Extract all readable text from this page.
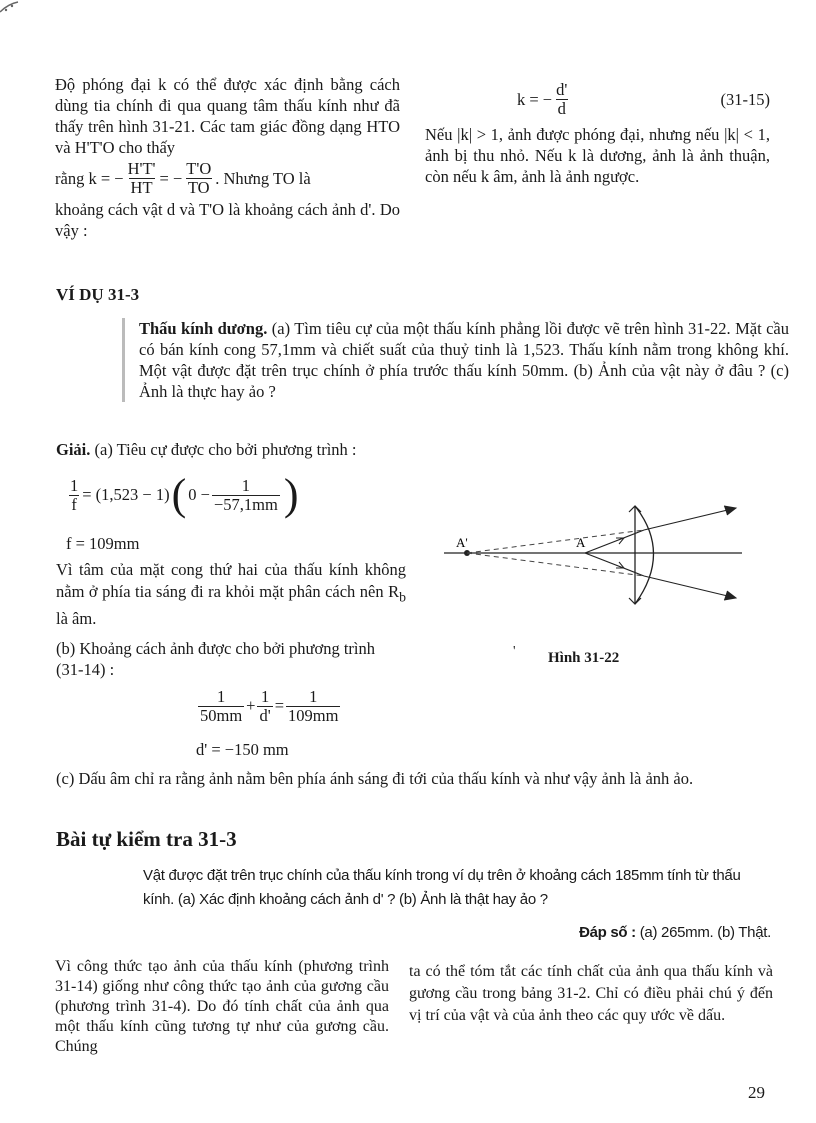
Độ phóng đại k có thể được xác định bằng cách dùng tia chính đi qua quang tâm thấu kính như đã thấy trên hình 31-21. Các tam giác đồng dạng HTO và H'T'O cho thấy
rằng k = − $\frac{H'T'}{HT}$ = − $\frac{T'O}{TO}$ . Nhưng TO là
khoảng cách vật d và T'O là khoảng cách ảnh d'. Do vậy :
k = − $\frac{d'}{d}$	(31-15)
Nếu |k| > 1, ảnh được phóng đại, nhưng nếu |k| < 1, ảnh bị thu nhỏ. Nếu k là dương, ảnh là ảnh thuận, còn nếu k âm, ảnh là ảnh ngược.
VÍ DỤ 31-3
Thấu kính dương. (a) Tìm tiêu cự của một thấu kính phẳng lồi được vẽ trên hình 31-22. Mặt cầu có bán kính cong 57,1mm và chiết suất của thuỷ tinh là 1,523. Thấu kính nằm trong không khí. Một vật được đặt trên trục chính ở phía trước thấu kính 50mm. (b) Ảnh của vật này ở đâu ? (c) Ảnh là thực hay ảo ?
Giải. (a) Tiêu cự được cho bởi phương trình :
$\frac{1}{f} = (1,523 - 1)$ ( $0 - \frac{1}{-57,1mm}$ )
f = 109mm
Vì tâm của mặt cong thứ hai của thấu kính không nằm ở phía tia sáng đi ra khỏi mặt phân cách nên $R_b$ là âm.
(b) Khoảng cách ảnh được cho bởi phương trình (31-14) :
$\frac{1}{50mm} + \frac{1}{d'} = \frac{1}{109mm}$
d' = −150 mm
(c) Dấu âm chỉ ra rằng ảnh nằm bên phía ánh sáng đi tới của thấu kính và như vậy ảnh là ảnh ảo.
A'	A
' Hình 31-22
Bài tự kiểm tra 31-3
Vật được đặt trên trục chính của thấu kính trong ví dụ trên ở khoảng cách 185mm tính từ thấu kính. (a) Xác định khoảng cách ảnh d' ? (b) Ảnh là thật hay ảo ?
Đáp số : (a) 265mm. (b) Thật.
Vì công thức tạo ảnh của thấu kính (phương trình 31-14) giống như công thức tạo ảnh của gương cầu (phương trình 31-4). Do đó tính chất của ảnh qua một thấu kính cũng tương tự như của gương cầu. Chúng
ta có thể tóm tắt các tính chất của ảnh qua thấu kính và gương cầu trong bảng 31-2. Chỉ có điều phải chú ý đến vị trí của vật và của ảnh theo các quy ước về dấu.
29
